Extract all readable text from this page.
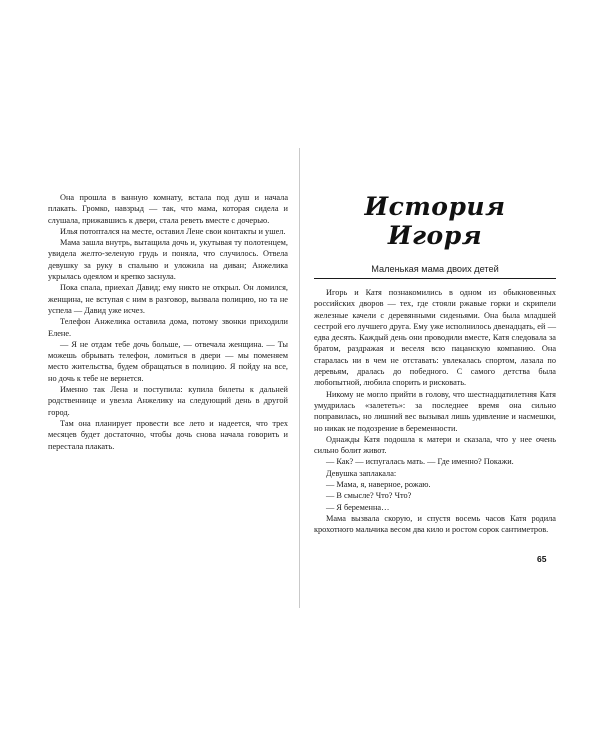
Она прошла в ванную комнату, встала под душ и начала плакать. Громко, навзрыд — так, что мама, которая сидела и слушала, прижавшись к двери, стала реветь вместе с дочерью.

Илья потоптался на месте, оставил Лене свои контакты и ушел.

Мама зашла внутрь, вытащила дочь и, укутывая ту полотенцем, увидела желто-зеленую грудь и поняла, что случилось. Отвела девушку за руку в спальню и уложила на диван; Анжелика укрылась одеялом и крепко заснула.

Пока спала, приехал Давид; ему никто не открыл. Он ломился, женщина, не вступая с ним в разговор, вызвала полицию, но та не успела — Давид уже исчез.

Телефон Анжелика оставила дома, потому звонки приходили Елене.

— Я не отдам тебе дочь больше, — отвечала женщина. — Ты можешь обрывать телефон, ломиться в двери — мы поменяем место жительства, будем обращаться в полицию. Я пойду на все, но дочь к тебе не вернется.

Именно так Лена и поступила: купила билеты к дальней родственнице и увезла Анжелику на следующий день в другой город.

Там она планирует провести все лето и надеется, что трех месяцев будет достаточно, чтобы дочь снова начала говорить и перестала плакать.

История Игоря
Маленькая мама двоих детей

Игорь и Катя познакомились в одном из обыкновенных российских дворов — тех, где стояли ржавые горки и скрипели железные качели с деревянными сиденьями. Она была младшей сестрой его лучшего друга. Ему уже исполнилось двенадцать, ей — едва десять. Каждый день они проводили вместе, Катя следовала за братом, раздражая и веселя всю пацанскую компанию. Она старалась ни в чем не отставать: увлекалась спортом, лазала по деревьям, дралась до победного. С самого детства была любопытной, любила спорить и рисковать.

Никому не могло прийти в голову, что шестнадцатилетняя Катя умудрилась «залететь»: за последнее время она сильно поправилась, но лишний вес вызывал лишь удивление и насмешки, но никак не подозрение в беременности.

Однажды Катя подошла к матери и сказала, что у нее очень сильно болит живот.

— Как? — испугалась мать. — Где именно? Покажи.

Девушка заплакала:

— Мама, я, наверное, рожаю.

— В смысле? Что? Что?

— Я беременна…

Мама вызвала скорую, и спустя восемь часов Катя родила крохотного мальчика весом два кило и ростом сорок сантиметров.

65
